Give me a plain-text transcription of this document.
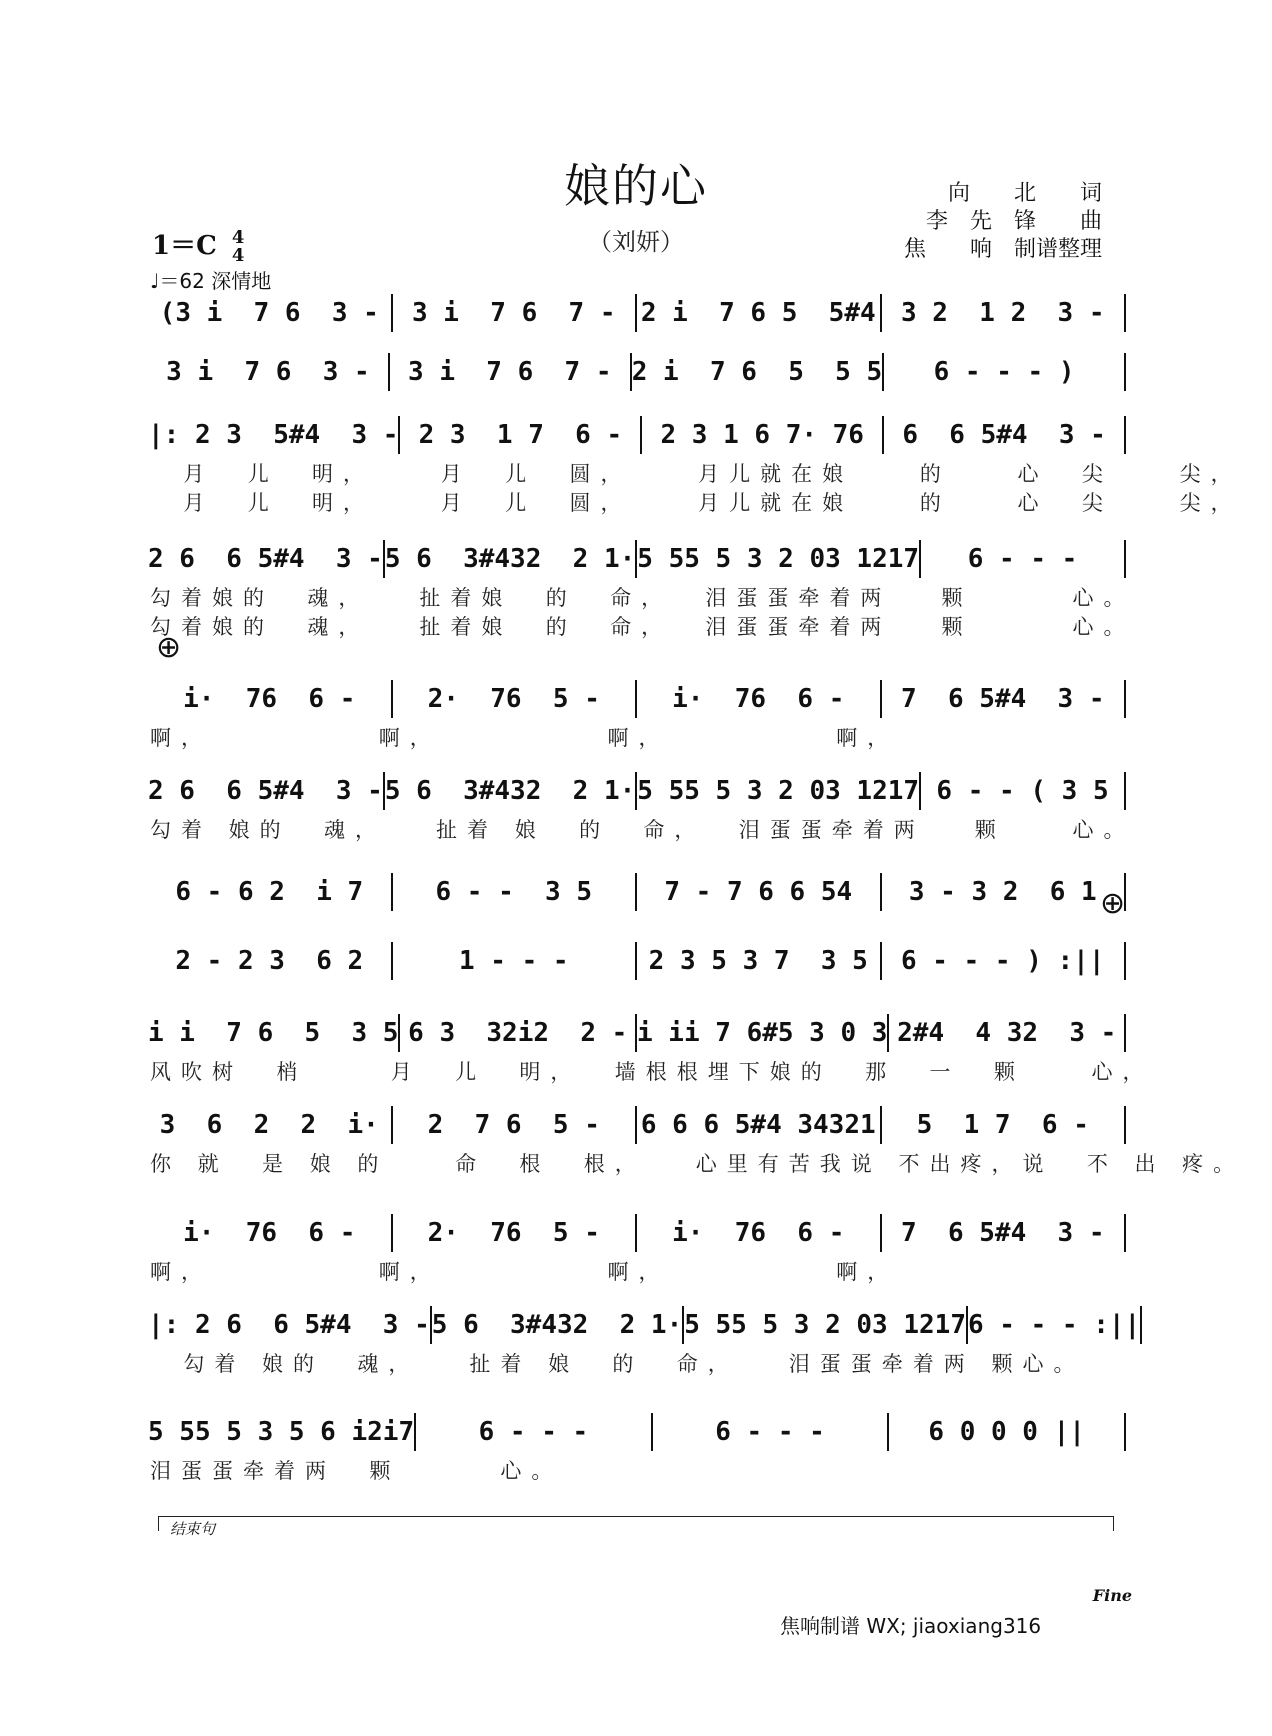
娘的心
（刘妍）
向　　北　　词
李　先　锋　　曲
焦　　响　制谱整理
1＝C 4
4
♩＝62 深情地
(3 i  7 6  3 -	3 i  7 6  7 - 2 i  7 6 5  5#4 3 2  1 2  3 -
3 i  7 6  3 -	3 i  7 6  7 - 2 i  7 6  5  5 5	6 - - - )
|: 2 3  5#4  3 - 2 3  1 7  6 -	2 3 1 6 7· 76	6  6 5#4  3 -
月  儿  明，    月  儿  圆，    月儿就在娘    的    心  尖    尖，
月  儿  明，    月  儿  圆，    月儿就在娘    的    心  尖    尖，
2 6  6 5#4  3 - 5 6  3#432  2 1· 5 55 5 3 2 03 1217	6 - - -
勾着娘的  魂，   扯着娘  的  命，  泪蛋蛋牵着两   颗      心。
勾着娘的  魂，   扯着娘  的  命，  泪蛋蛋牵着两   颗      心。
i·  76  6 -	2·  76  5 -	i·  76  6 -	7  6 5#4  3 -
啊，          啊，          啊，          啊，
2 6  6 5#4  3 - 5 6  3#432  2 1· 5 55 5 3 2 03 1217 6 - - ( 3 5
勾着 娘的  魂，   扯着 娘  的  命，  泪蛋蛋牵着两   颗    心。
6 - 6 2  i 7	6 - -  3 5	7 - 7 6 6 54	3 - 3 2  6 1
2 - 2 3  6 2	1 - - -	2 3 5 3 7  3 5	6 - - - ) :||
i i  7 6  5  3 5 6 3  32i2  2 - i ii 7 6#5 3 0 3 2#4  4 32  3 -
风吹树  梢     月  儿  明，  墙根根埋下娘的  那  一  颗    心，
3  6  2  2  i·	2  7 6  5 -	6 6 6 5#4 34321	5  1 7  6 -
你 就  是 娘 的    命  根  根，   心里有苦我说 不出疼，说  不 出 疼。
i·  76  6 -	2·  76  5 -	i·  76  6 -	7  6 5#4  3 -
啊，          啊，          啊，          啊，
|: 2 6  6 5#4  3 - 5 6  3#432  2 1· 5 55 5 3 2 03 1217 6 - - - :||
勾着 娘的  魂，   扯着 娘  的  命，   泪蛋蛋牵着两 颗心。
5 55 5 3 5 6 i2i7	6 - - -	6 - - -	6 0 0 0 ||
泪蛋蛋牵着两  颗      心。
⊕
⊕
结束句
Fine
焦响制谱 WX; jiaoxiang316
